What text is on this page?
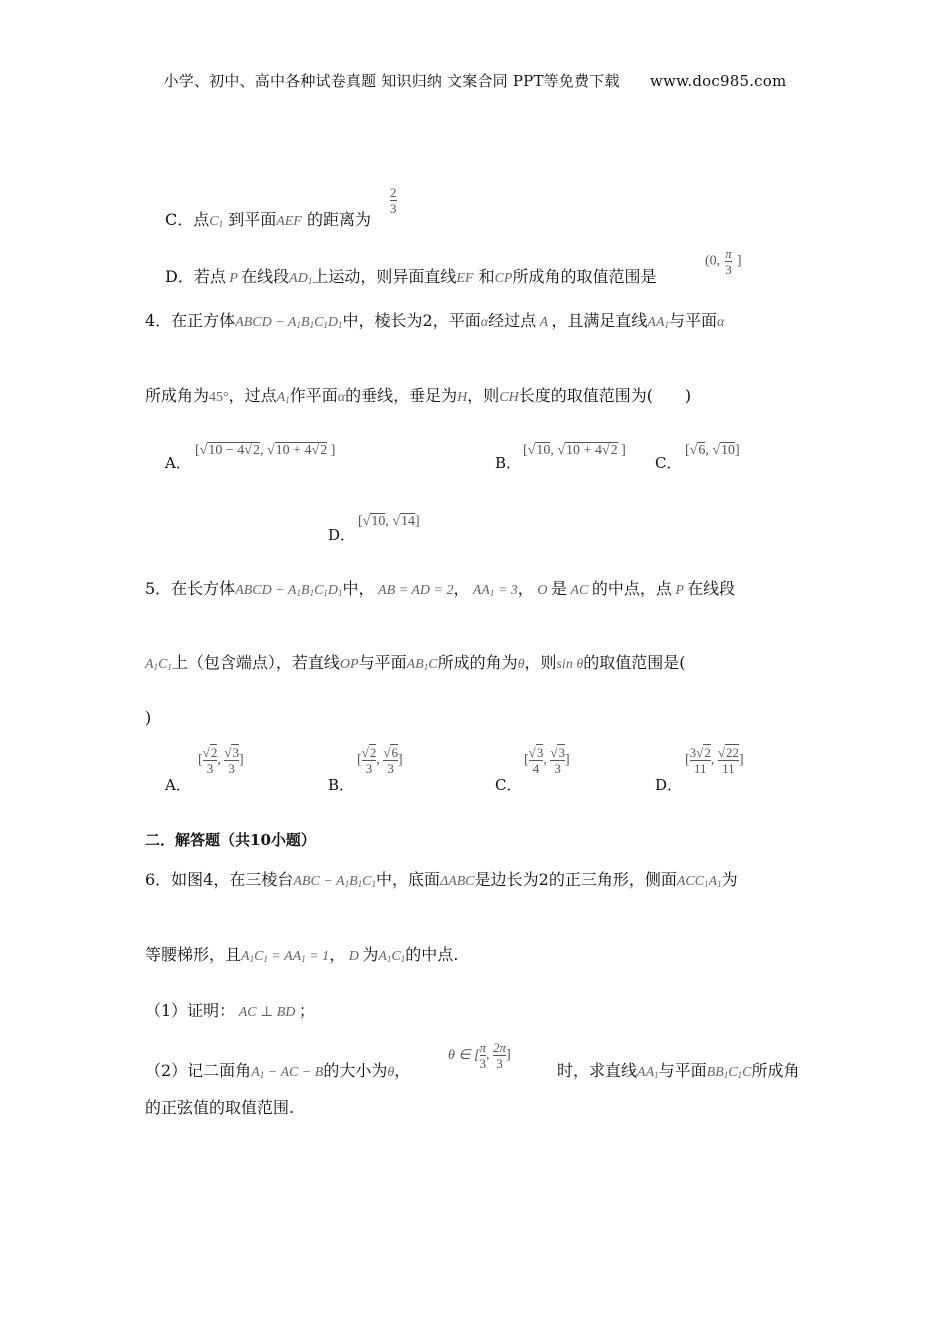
小学、初中、高中各种试卷真题 知识归纳 文案合同 PPT等免费下载　　www.doc985.com
C．点$C_1$ 到平面AEF 的距离为
2
3
D．若点 P 在线段$AD_1$上运动，则异面直线EF 和CP所成角的取值范围是
(0, $\frac{\pi}{3}$ ]
4．在正方体ABCD − $A_1B_1C_1D_1$中，棱长为2，平面α经过点 A ，且满足直线$AA_1$与平面α
所成角为45°，过点$A_1$作平面α的垂线，垂足为H，则CH长度的取值范围为(　　)
A．
[√10 − 4√2, √10 + 4√2 ]
B．
[√10, √10 + 4√2 ]
C．
[√6, √10]
D．
[√10, √14]
5．在长方体ABCD − $A_1B_1C_1D_1$中， AB = AD = 2， $AA_1 = 3$， O 是 AC 的中点，点 P 在线段
$A_1C_1$上（包含端点），若直线OP与平面$AB_1C$所成的角为θ，则sin θ的取值范围是(
)
A．
[ $\frac{√2}{3}$ , $\frac{√3}{3}$ ]
B．
[ $\frac{√2}{3}$ , $\frac{√6}{3}$ ]
C．
[ $\frac{√3}{4}$ , $\frac{√3}{3}$ ]
D．
[ $\frac{3√2}{11}$ , $\frac{√22}{11}$ ]
二．解答题（共10小题）
6．如图4，在三棱台ABC − $A_1B_1C_1$中，底面ΔABC是边长为2的正三角形，侧面$ACC_1A_1$为
等腰梯形，且$A_1C_1 = AA_1 = 1$， D 为$A_1C_1$的中点.
（1）证明： AC ⊥ BD ；
（2）记二面角$A_1$ − AC − B的大小为θ，
θ ∈ [ $\frac{\pi}{3}$ , $\frac{2\pi}{3}$ ]
时，求直线$AA_1$与平面$BB_1C_1C$所成角
的正弦值的取值范围.
